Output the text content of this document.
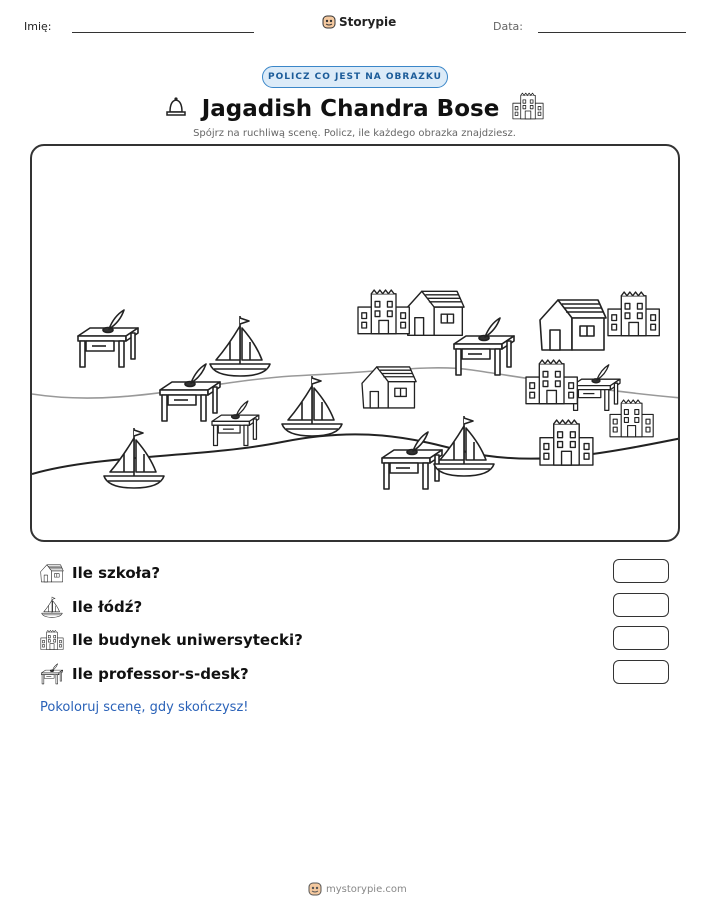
Imię:	Storypie	Data:
POLICZ CO JEST NA OBRAZKU
Jagadish Chandra Bose
Spójrz na ruchliwą scenę. Policz, ile każdego obrazka znajdziesz.
Ile szkoła?
Ile łódź?
Ile budynek uniwersytecki?
Ile professor-s-desk?
Pokoloruj scenę, gdy skończysz!
mystorypie.com
